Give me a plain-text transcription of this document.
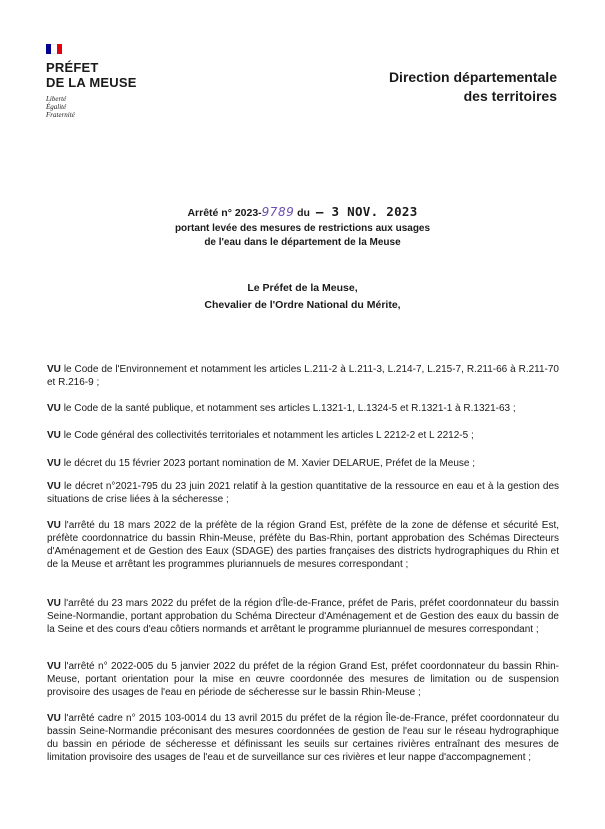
PRÉFET
DE LA MEUSE
Liberté
Égalité
Fraternité
Direction départementale
des territoires
Arrêté n° 2023-9789 du – 3 NOV. 2023
portant levée des mesures de restrictions aux usages
de l'eau dans le département de la Meuse
Le Préfet de la Meuse,
Chevalier de l'Ordre National du Mérite,
VU le Code de l'Environnement et notamment les articles L.211-2 à L.211-3, L.214-7, L.215-7, R.211-66 à R.211-70 et R.216-9 ;
VU le Code de la santé publique, et notamment ses articles L.1321-1, L.1324-5 et R.1321-1 à R.1321-63 ;
VU le Code général des collectivités territoriales et notamment les articles L 2212-2 et L 2212-5 ;
VU le décret du 15 février 2023 portant nomination de M. Xavier DELARUE, Préfet de la Meuse ;
VU le décret n°2021-795 du 23 juin 2021 relatif à la gestion quantitative de la ressource en eau et à la gestion des situations de crise liées à la sécheresse ;
VU l'arrêté du 18 mars 2022 de la préfète de la région Grand Est, préfète de la zone de défense et sécurité Est, préfète coordonnatrice du bassin Rhin-Meuse, préfète du Bas-Rhin, portant approbation des Schémas Directeurs d'Aménagement et de Gestion des Eaux (SDAGE) des parties françaises des districts hydrographiques du Rhin et de la Meuse et arrêtant les programmes pluriannuels de mesures correspondant ;
VU l'arrêté du 23 mars 2022 du préfet de la région d'Île-de-France, préfet de Paris, préfet coordonnateur du bassin Seine-Normandie, portant approbation du Schéma Directeur d'Aménagement et de Gestion des eaux du bassin de la Seine et des cours d'eau côtiers normands et arrêtant le programme pluriannuel de mesures correspondant ;
VU l'arrêté n° 2022-005 du 5 janvier 2022 du préfet de la région Grand Est, préfet coordonnateur du bassin Rhin-Meuse, portant orientation pour la mise en œuvre coordonnée des mesures de limitation ou de suspension provisoire des usages de l'eau en période de sécheresse sur le bassin Rhin-Meuse ;
VU l'arrêté cadre n° 2015 103-0014 du 13 avril 2015 du préfet de la région Île-de-France, préfet coordonnateur du bassin Seine-Normandie préconisant des mesures coordonnées de gestion de l'eau sur le réseau hydrographique du bassin en période de sécheresse et définissant les seuils sur certaines rivières entraînant des mesures de limitation provisoire des usages de l'eau et de surveillance sur ces rivières et leur nappe d'accompagnement ;
